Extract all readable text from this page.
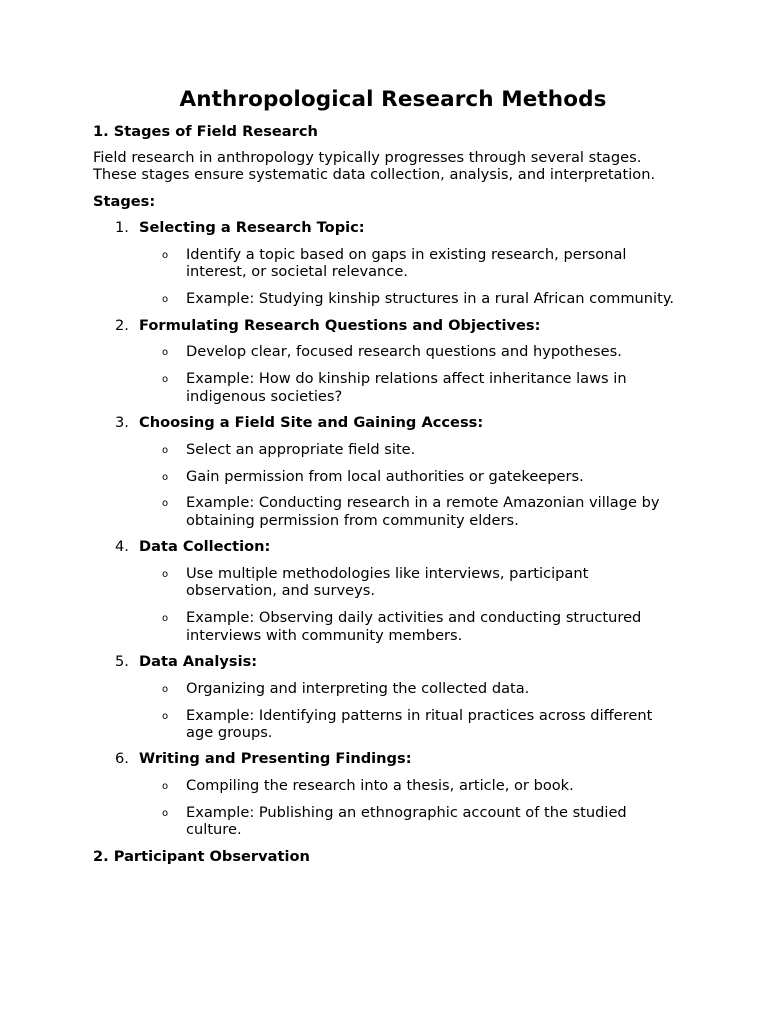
Anthropological Research Methods
1. Stages of Field Research

Field research in anthropology typically progresses through several stages. These stages ensure systematic data collection, analysis, and interpretation.

Stages:

1. Selecting a Research Topic:
o Identify a topic based on gaps in existing research, personal interest, or societal relevance.
o Example: Studying kinship structures in a rural African community.
2. Formulating Research Questions and Objectives:
o Develop clear, focused research questions and hypotheses.
o Example: How do kinship relations affect inheritance laws in indigenous societies?
3. Choosing a Field Site and Gaining Access:
o Select an appropriate field site.
o Gain permission from local authorities or gatekeepers.
o Example: Conducting research in a remote Amazonian village by obtaining permission from community elders.
4. Data Collection:
o Use multiple methodologies like interviews, participant observation, and surveys.
o Example: Observing daily activities and conducting structured interviews with community members.
5. Data Analysis:
o Organizing and interpreting the collected data.
o Example: Identifying patterns in ritual practices across different age groups.
6. Writing and Presenting Findings:
o Compiling the research into a thesis, article, or book.
o Example: Publishing an ethnographic account of the studied culture.
2. Participant Observation
